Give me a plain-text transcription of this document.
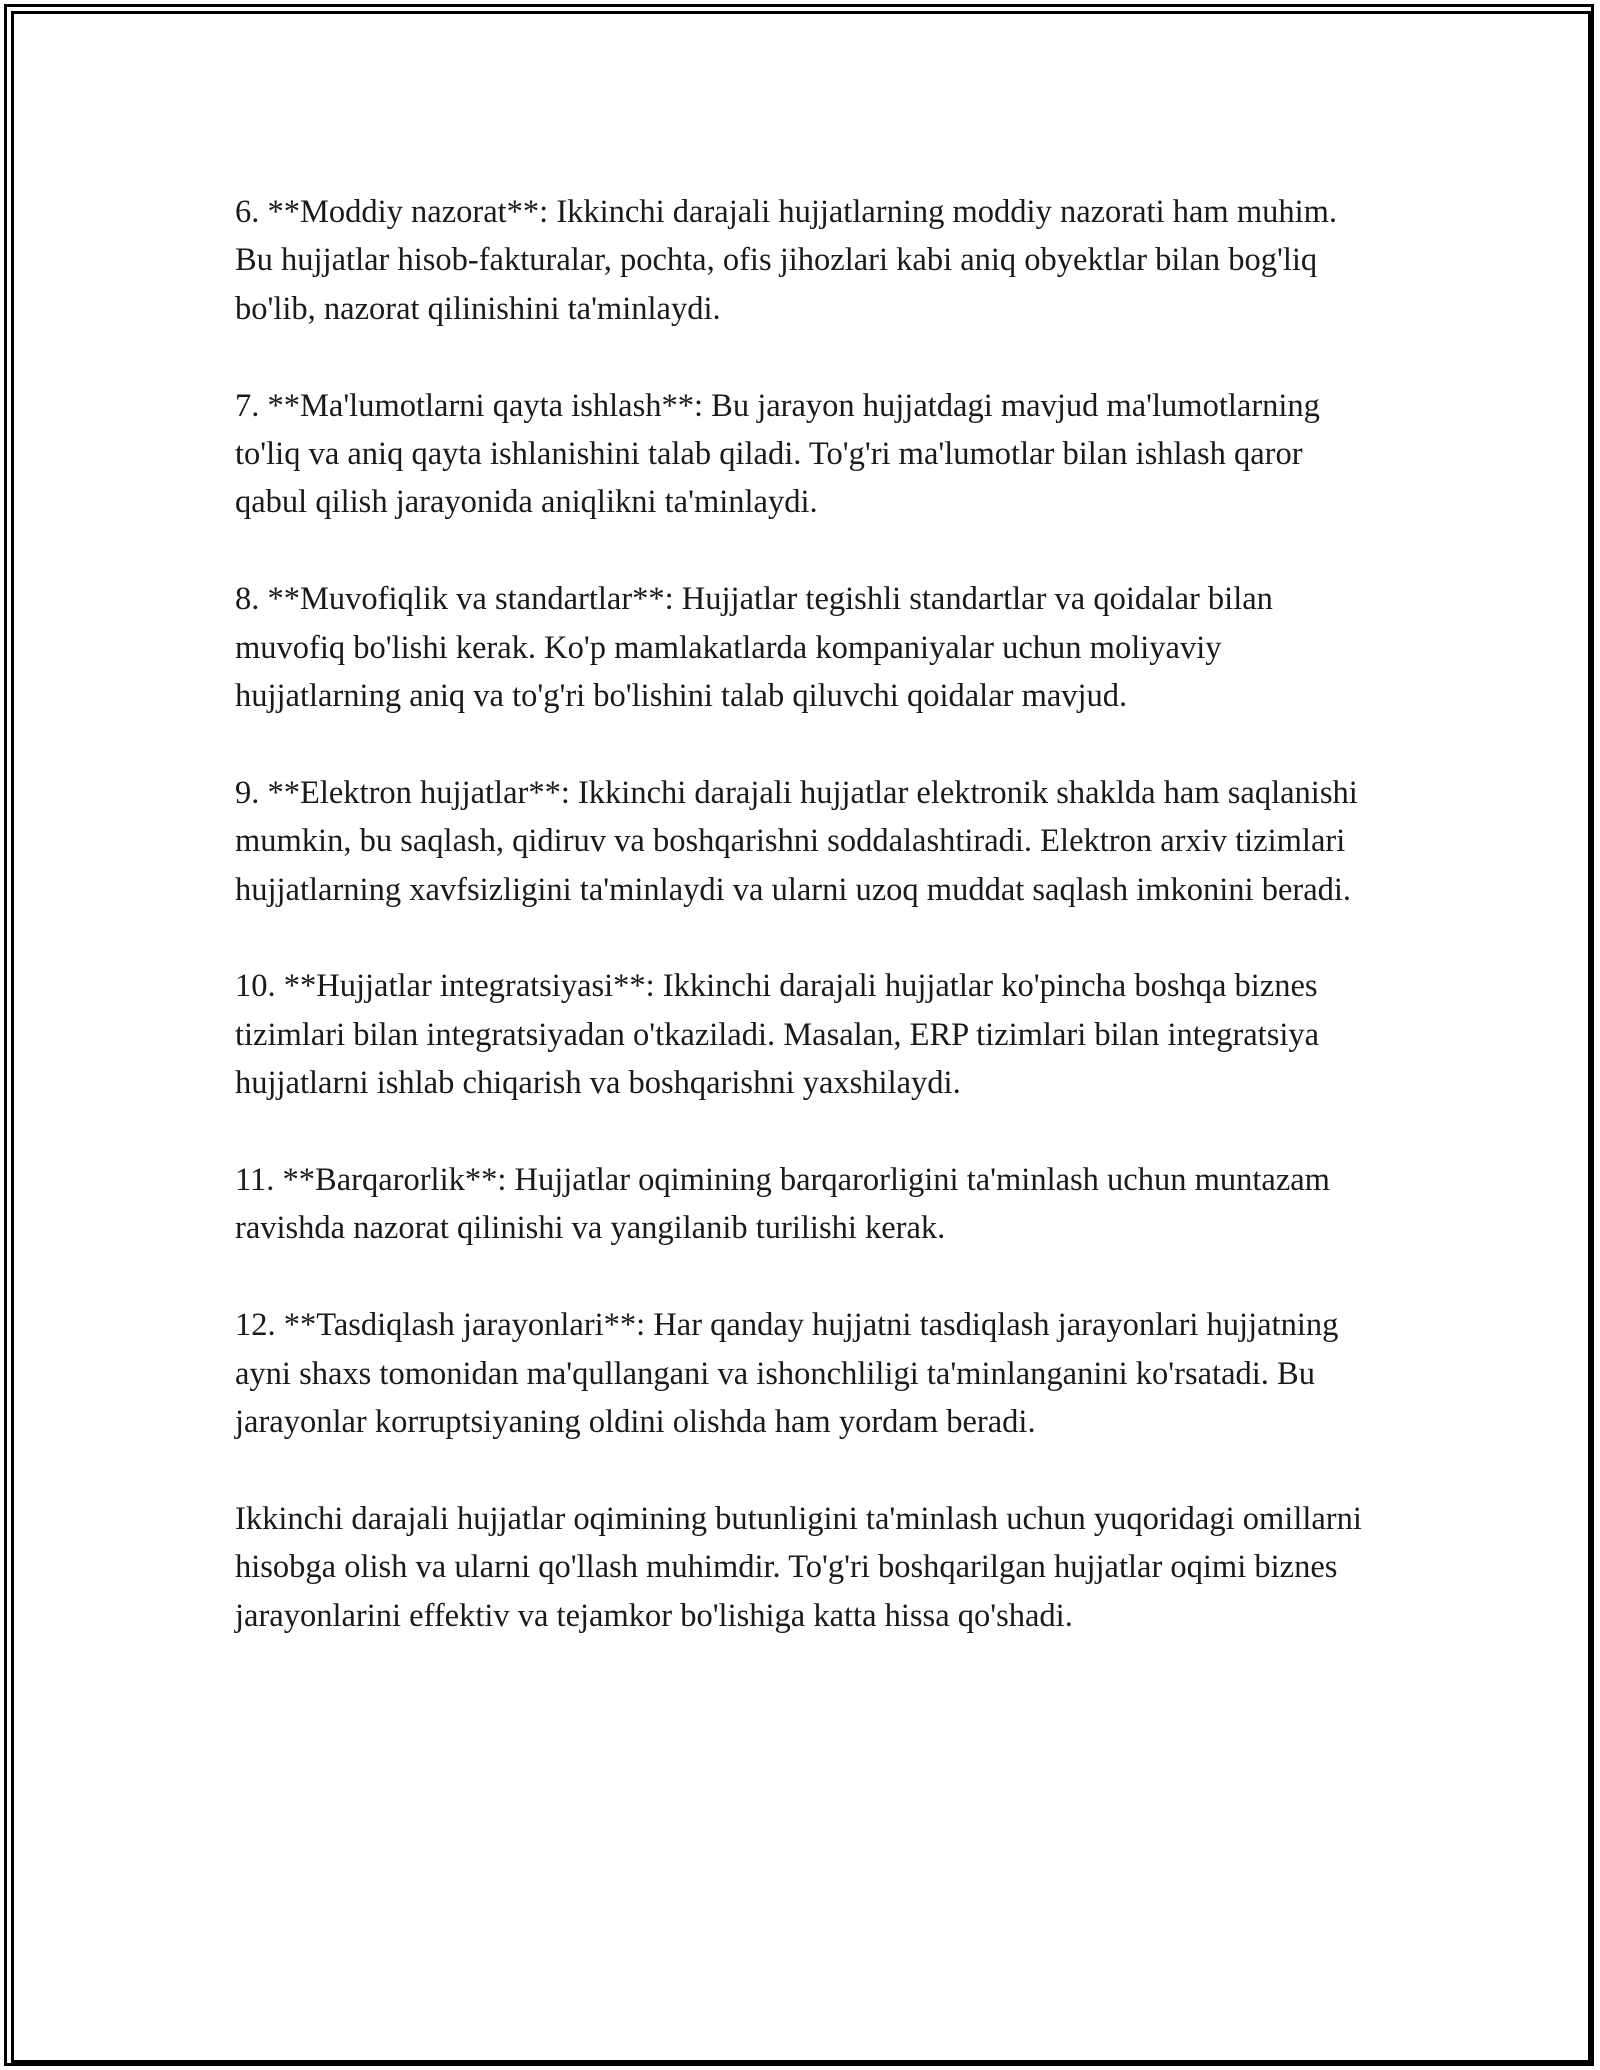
6. **Moddiy nazorat**: Ikkinchi darajali hujjatlarning moddiy nazorati ham muhim. Bu hujjatlar hisob-fakturalar, pochta, ofis jihozlari kabi aniq obyektlar bilan bog'liq bo'lib, nazorat qilinishini ta'minlaydi.

7. **Ma'lumotlarni qayta ishlash**: Bu jarayon hujjatdagi mavjud ma'lumotlarning to'liq va aniq qayta ishlanishini talab qiladi. To'g'ri ma'lumotlar bilan ishlash qaror qabul qilish jarayonida aniqlikni ta'minlaydi.

8. **Muvofiqlik va standartlar**: Hujjatlar tegishli standartlar va qoidalar bilan muvofiq bo'lishi kerak. Ko'p mamlakatlarda kompaniyalar uchun moliyaviy hujjatlarning aniq va to'g'ri bo'lishini talab qiluvchi qoidalar mavjud.

9. **Elektron hujjatlar**: Ikkinchi darajali hujjatlar elektronik shaklda ham saqlanishi mumkin, bu saqlash, qidiruv va boshqarishni soddalashtiradi. Elektron arxiv tizimlari hujjatlarning xavfsizligini ta'minlaydi va ularni uzoq muddat saqlash imkonini beradi.

10. **Hujjatlar integratsiyasi**: Ikkinchi darajali hujjatlar ko'pincha boshqa biznes tizimlari bilan integratsiyadan o'tkaziladi. Masalan, ERP tizimlari bilan integratsiya hujjatlarni ishlab chiqarish va boshqarishni yaxshilaydi.

11. **Barqarorlik**: Hujjatlar oqimining barqarorligini ta'minlash uchun muntazam ravishda nazorat qilinishi va yangilanib turilishi kerak.

12. **Tasdiqlash jarayonlari**: Har qanday hujjatni tasdiqlash jarayonlari hujjatning ayni shaxs tomonidan ma'qullangani va ishonchliligi ta'minlanganini ko'rsatadi. Bu jarayonlar korruptsiyaning oldini olishda ham yordam beradi.

Ikkinchi darajali hujjatlar oqimining butunligini ta'minlash uchun yuqoridagi omillarni hisobga olish va ularni qo'llash muhimdir. To'g'ri boshqarilgan hujjatlar oqimi biznes jarayonlarini effektiv va tejamkor bo'lishiga katta hissa qo'shadi.
